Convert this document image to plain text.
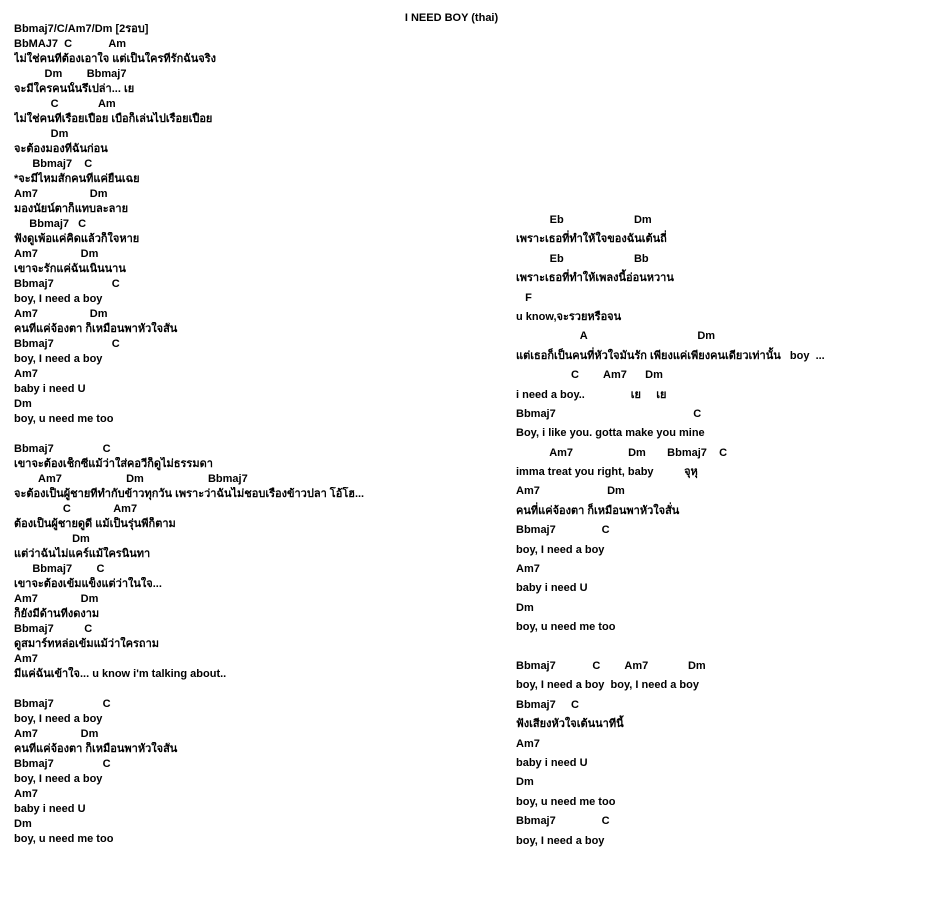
I NEED BOY (thai)
Bbmaj7/C/Am7/Dm [2รอบ]
BbMAJ7  C            Am
ไม่ใช่คนที่ต้องเอาใจ แต่เป็นใครที่รักฉันจริง
Dm        Bbmaj7
จะมีใครคนนั้นรึเปล่า... เย
C             Am
ไม่ใช่คนที่เรื่อยเปื่อย เบื่อก็เล่นไปเรื่อยเปื่อย
Dm
จะต้องมองที่ฉันก่อน
Bbmaj7    C
*จะมีไหมสักคนที่แค่ยืนเฉย
Am7                 Dm
มองนัยน์ตาก็แทบละลาย
Bbmaj7   C
ฟังดูเพ้อแค่คิดแล้วก็ใจหาย
Am7              Dm
เขาจะรักแค่ฉันเนิ่นนาน
Bbmaj7                   C
boy, I need a boy
Am7                 Dm
คนที่แค่จ้องตา ก็เหมือนพาหัวใจสั่น
Bbmaj7                   C
boy, I need a boy
Am7
baby i need U
Dm
boy, u need me too
Bbmaj7                C
เขาจะต้องเช็กซี่แม้ว่าใส่คอวีก็ดูไม่ธรรมดา
Am7                     Dm                     Bbmaj7
จะต้องเป็นผู้ชายที่ทำกับข้าวทุกวัน เพราะว่าฉันไม่ชอบเรื่องข้าวปลา โอ้โฮ...
C              Am7
ต้องเป็นผู้ชายดูดี แม้เป็นรุ่นพี่ก็ตาม
Dm
แต่ว่าฉันไม่แคร์แม้ใครนินทา
Bbmaj7        C
เขาจะต้องเข้มแข็งแต่ว่าในใจ...
Am7              Dm
ก็ยังมีด้านที่งดงาม
Bbmaj7          C
ดูสมาร์ทหล่อเข้มแม้ว่าใครถาม
Am7
มีแค่ฉันเข้าใจ... u know i'm talking about..
Bbmaj7                C
boy, I need a boy
Am7              Dm
คนที่แค่จ้องตา ก็เหมือนพาหัวใจสั่น
Bbmaj7                C
boy, I need a boy
Am7
baby i need U
Dm
boy, u need me too
Eb                       Dm
เพราะเธอที่ทำให้ใจของฉันเต้นถี่
Eb                       Bb
เพราะเธอที่ทำให้เพลงนี้อ่อนหวาน
F
u know,จะรวยหรือจน
A                                    Dm
แต่เธอก็เป็นคนที่หัวใจมันรัก เพียงแค่เพียงคนเดียวเท่านั้น   boy  ...
C        Am7      Dm
i need a boy..               เย     เย
Bbmaj7                                             C
Boy, i like you. gotta make you mine
Am7                  Dm       Bbmaj7    C
imma treat you right, baby          จุหุ
Am7                      Dm
คนที่แค่จ้องตา ก็เหมือนพาหัวใจสั่น
Bbmaj7               C
boy, I need a boy
Am7
baby i need U
Dm
boy, u need me too
Bbmaj7            C        Am7             Dm
boy, I need a boy  boy, I need a boy
Bbmaj7     C
ฟังเสียงหัวใจเต้นนาทีนี้
Am7
baby i need U
Dm
boy, u need me too
Bbmaj7               C
boy, I need a boy
